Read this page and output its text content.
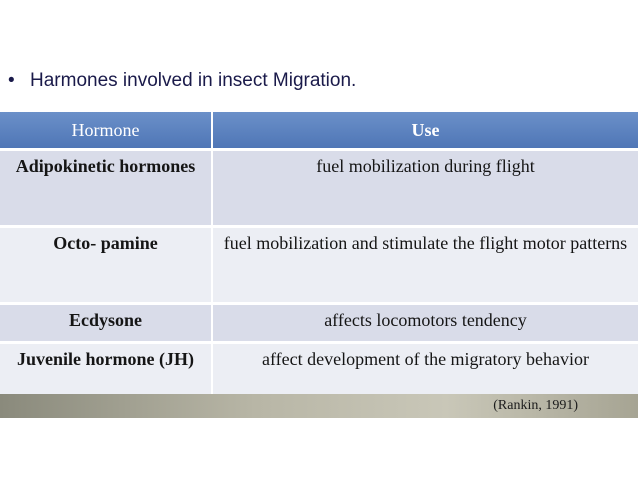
• Harmones involved in insect Migration.
Hormone	Use
Adipokinetic hormones	fuel mobilization during flight
Octo- pamine	fuel mobilization and stimulate the flight motor patterns
Ecdysone	affects locomotors tendency
Juvenile hormone (JH)	affect development of the migratory behavior
(Rankin, 1991)
